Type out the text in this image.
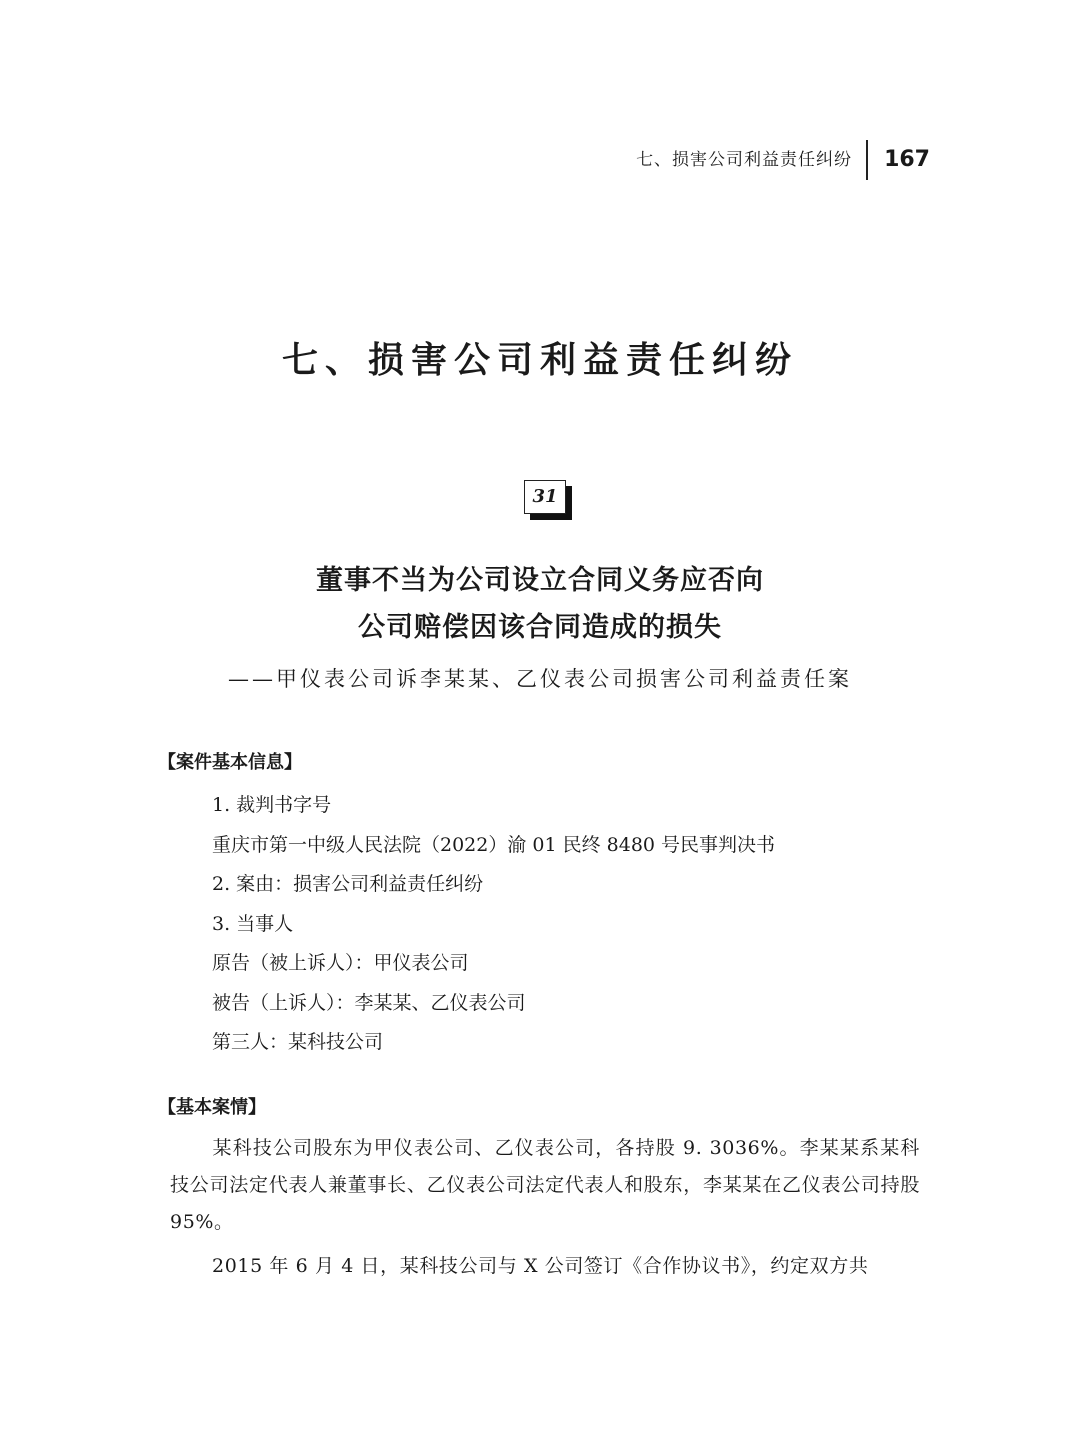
七、损害公司利益责任纠纷	167
七、损害公司利益责任纠纷
31
董事不当为公司设立合同义务应否向
公司赔偿因该合同造成的损失
——甲仪表公司诉李某某、乙仪表公司损害公司利益责任案
【案件基本信息】
1. 裁判书字号
重庆市第一中级人民法院（2022）渝 01 民终 8480 号民事判决书
2. 案由：损害公司利益责任纠纷
3. 当事人
原告（被上诉人）：甲仪表公司
被告（上诉人）：李某某、乙仪表公司
第三人：某科技公司
【基本案情】
某科技公司股东为甲仪表公司、乙仪表公司，各持股 9. 3036%。李某某系某科技公司法定代表人兼董事长、乙仪表公司法定代表人和股东，李某某在乙仪表公司持股 95%。
2015 年 6 月 4 日，某科技公司与 X 公司签订《合作协议书》，约定双方共
